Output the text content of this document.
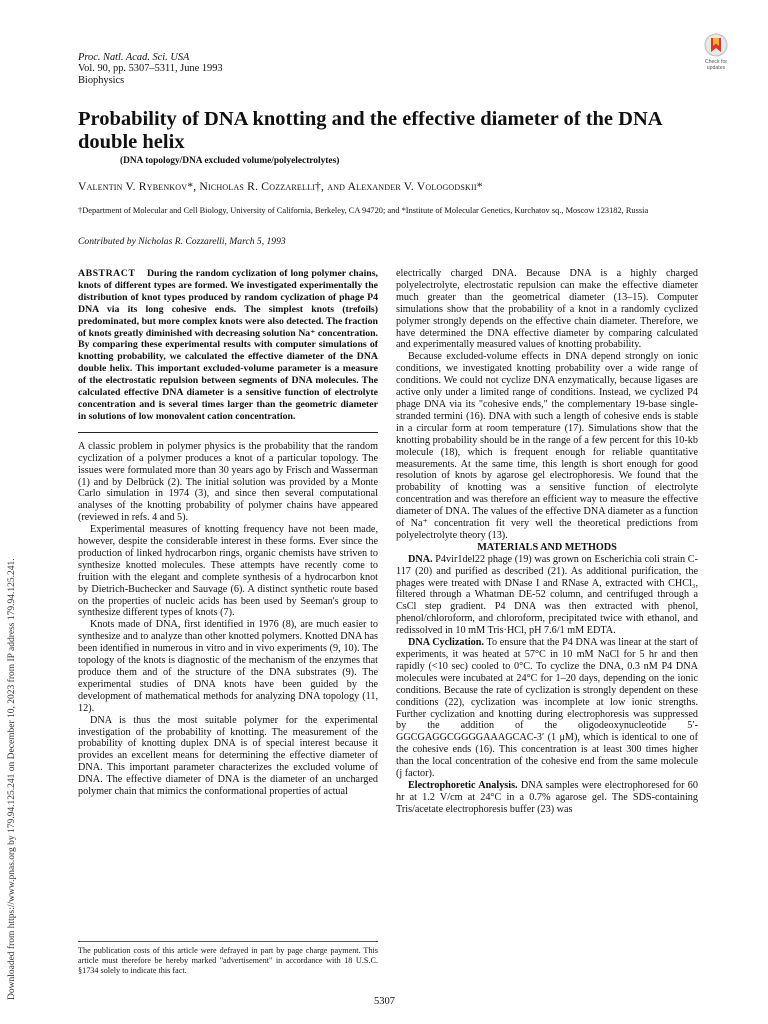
Downloaded from https://www.pnas.org by 179.94.125.241 on December 10, 2023 from IP address 179.94.125.241.
Proc. Natl. Acad. Sci. USA
Vol. 90, pp. 5307–5311, June 1993
Biophysics
Check for
updates
Probability of DNA knotting and the effective diameter of the DNA double helix
(DNA topology/DNA excluded volume/polyelectrolytes)
Valentin V. Rybenkov*, Nicholas R. Cozzarelli†, and Alexander V. Vologodskii*
†Department of Molecular and Cell Biology, University of California, Berkeley, CA 94720; and *Institute of Molecular Genetics, Kurchatov sq., Moscow 123182, Russia
Contributed by Nicholas R. Cozzarelli, March 5, 1993

ABSTRACT During the random cyclization of long polymer chains, knots of different types are formed. We investigated experimentally the distribution of knot types produced by random cyclization of phage P4 DNA via its long cohesive ends. The simplest knots (trefoils) predominated, but more complex knots were also detected. The fraction of knots greatly diminished with decreasing solution Na⁺ concentration. By comparing these experimental results with computer simulations of knotting probability, we calculated the effective diameter of the DNA double helix. This important excluded-volume parameter is a measure of the electrostatic repulsion between segments of DNA molecules. The calculated effective DNA diameter is a sensitive function of electrolyte concentration and is several times larger than the geometric diameter in solutions of low monovalent cation concentration.

A classic problem in polymer physics is the probability that the random cyclization of a polymer produces a knot of a particular topology. The issues were formulated more than 30 years ago by Frisch and Wasserman (1) and by Delbrück (2). The initial solution was provided by a Monte Carlo simulation in 1974 (3), and since then several computational analyses of the knotting probability of polymer chains have appeared (reviewed in refs. 4 and 5).

Experimental measures of knotting frequency have not been made, however, despite the considerable interest in these forms. Ever since the production of linked hydrocarbon rings, organic chemists have striven to synthesize knotted molecules. These attempts have recently come to fruition with the elegant and complete synthesis of a hydrocarbon knot by Dietrich-Buchecker and Sauvage (6). A distinct synthetic route based on the properties of nucleic acids has been used by Seeman's group to synthesize different types of knots (7).

Knots made of DNA, first identified in 1976 (8), are much easier to synthesize and to analyze than other knotted polymers. Knotted DNA has been identified in numerous in vitro and in vivo experiments (9, 10). The topology of the knots is diagnostic of the mechanism of the enzymes that produce them and of the structure of the DNA substrates (9). The experimental studies of DNA knots have been guided by the development of mathematical methods for analyzing DNA topology (11, 12).

DNA is thus the most suitable polymer for the experimental investigation of the probability of knotting. The measurement of the probability of knotting duplex DNA is of special interest because it provides an excellent means for determining the effective diameter of DNA. This important parameter characterizes the excluded volume of DNA. The effective diameter of DNA is the diameter of an uncharged polymer chain that mimics the conformational properties of actual

The publication costs of this article were defrayed in part by page charge payment. This article must therefore be hereby marked "advertisement" in accordance with 18 U.S.C. §1734 solely to indicate this fact.

electrically charged DNA. Because DNA is a highly charged polyelectrolyte, electrostatic repulsion can make the effective diameter much greater than the geometrical diameter (13–15). Computer simulations show that the probability of a knot in a randomly cyclized polymer strongly depends on the effective chain diameter. Therefore, we have determined the DNA effective diameter by comparing calculated and experimentally measured values of knotting probability.

Because excluded-volume effects in DNA depend strongly on ionic conditions, we investigated knotting probability over a wide range of conditions. We could not cyclize DNA enzymatically, because ligases are active only under a limited range of conditions. Instead, we cyclized P4 phage DNA via its "cohesive ends," the complementary 19-base single-stranded termini (16). DNA with such a length of cohesive ends is stable in a circular form at room temperature (17). Simulations show that the knotting probability should be in the range of a few percent for this 10-kb molecule (18), which is frequent enough for reliable quantitative measurements. At the same time, this length is short enough for good resolution of knots by agarose gel electrophoresis. We found that the probability of knotting was a sensitive function of electrolyte concentration and was therefore an efficient way to measure the effective diameter of DNA. The values of the effective DNA diameter as a function of Na⁺ concentration fit very well the theoretical predictions from polyelectrolyte theory (13).

MATERIALS AND METHODS

DNA. P4vir1del22 phage (19) was grown on Escherichia coli strain C-117 (20) and purified as described (21). As additional purification, the phages were treated with DNase I and RNase A, extracted with CHCl₃, filtered through a Whatman DE-52 column, and centrifuged through a CsCl step gradient. P4 DNA was then extracted with phenol, phenol/chloroform, and chloroform, precipitated twice with ethanol, and redissolved in 10 mM Tris·HCl, pH 7.6/1 mM EDTA.

DNA Cyclization. To ensure that the P4 DNA was linear at the start of experiments, it was heated at 57°C in 10 mM NaCl for 5 hr and then rapidly (<10 sec) cooled to 0°C. To cyclize the DNA, 0.3 nM P4 DNA molecules were incubated at 24°C for 1–20 days, depending on the ionic conditions. Because the rate of cyclization is strongly dependent on these conditions (22), cyclization was incomplete at low ionic strengths. Further cyclization and knotting during electrophoresis was suppressed by the addition of the oligodeoxynucleotide 5′-GGCGAGGCGGGGAAAGCAC-3′ (1 μM), which is identical to one of the cohesive ends (16). This concentration is at least 300 times higher than the local concentration of the cohesive end from the same molecule (j factor).

Electrophoretic Analysis. DNA samples were electrophoresed for 60 hr at 1.2 V/cm at 24°C in a 0.7% agarose gel. The SDS-containing Tris/acetate electrophoresis buffer (23) was

5307
